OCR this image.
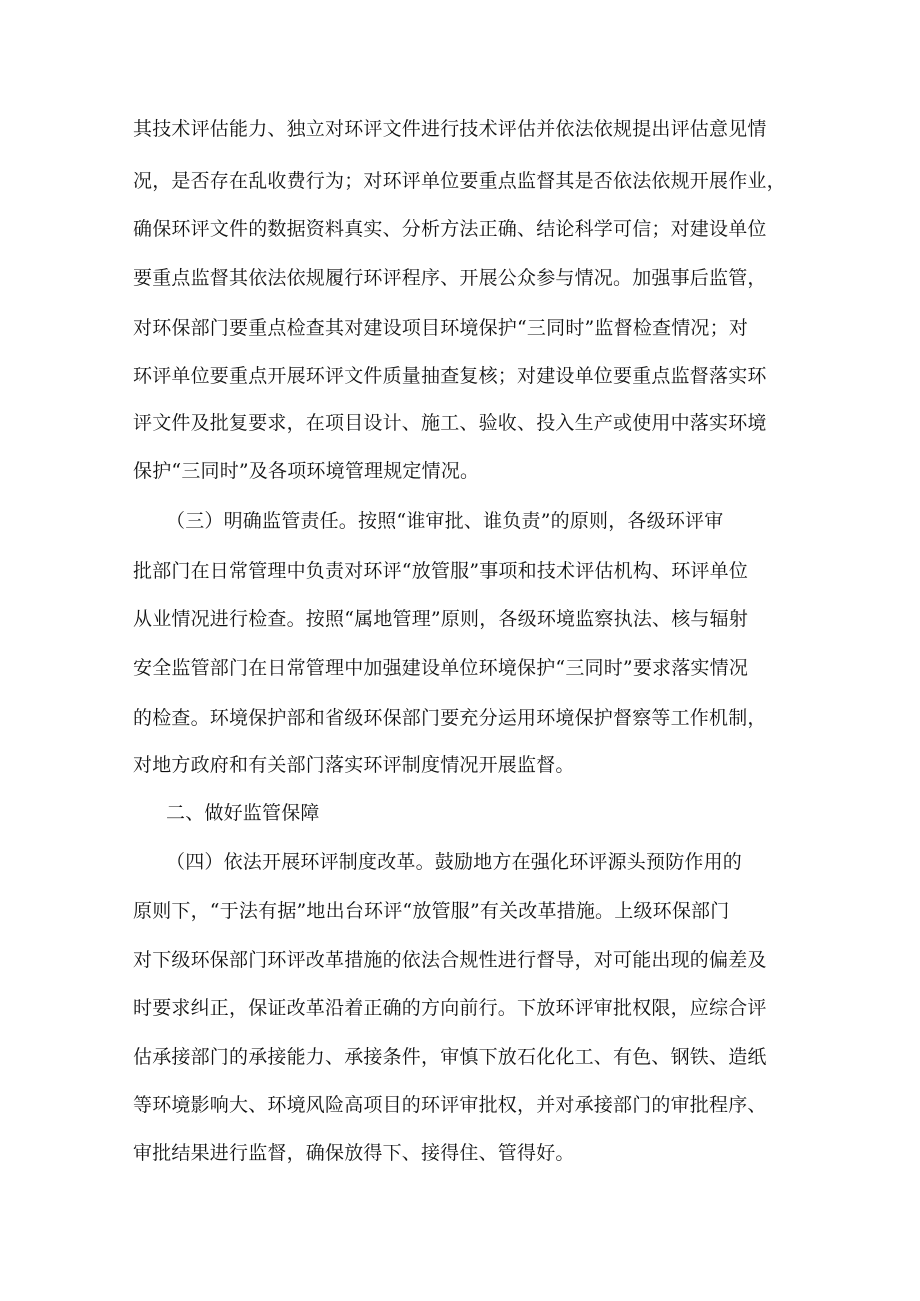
其技术评估能力、独立对环评文件进行技术评估并依法依规提出评估意见情
况，是否存在乱收费行为；对环评单位要重点监督其是否依法依规开展作业，
确保环评文件的数据资料真实、分析方法正确、结论科学可信；对建设单位
要重点监督其依法依规履行环评程序、开展公众参与情况。加强事后监管，
对环保部门要重点检查其对建设项目环境保护“三同时”监督检查情况；对
环评单位要重点开展环评文件质量抽查复核；对建设单位要重点监督落实环
评文件及批复要求，在项目设计、施工、验收、投入生产或使用中落实环境
保护“三同时”及各项环境管理规定情况。
（三）明确监管责任。按照“谁审批、谁负责”的原则，各级环评审
批部门在日常管理中负责对环评“放管服”事项和技术评估机构、环评单位
从业情况进行检查。按照“属地管理”原则，各级环境监察执法、核与辐射
安全监管部门在日常管理中加强建设单位环境保护“三同时”要求落实情况
的检查。环境保护部和省级环保部门要充分运用环境保护督察等工作机制，
对地方政府和有关部门落实环评制度情况开展监督。
二、做好监管保障
（四）依法开展环评制度改革。鼓励地方在强化环评源头预防作用的
原则下，“于法有据”地出台环评“放管服”有关改革措施。上级环保部门
对下级环保部门环评改革措施的依法合规性进行督导，对可能出现的偏差及
时要求纠正，保证改革沿着正确的方向前行。下放环评审批权限，应综合评
估承接部门的承接能力、承接条件，审慎下放石化化工、有色、钢铁、造纸
等环境影响大、环境风险高项目的环评审批权，并对承接部门的审批程序、
审批结果进行监督，确保放得下、接得住、管得好。
